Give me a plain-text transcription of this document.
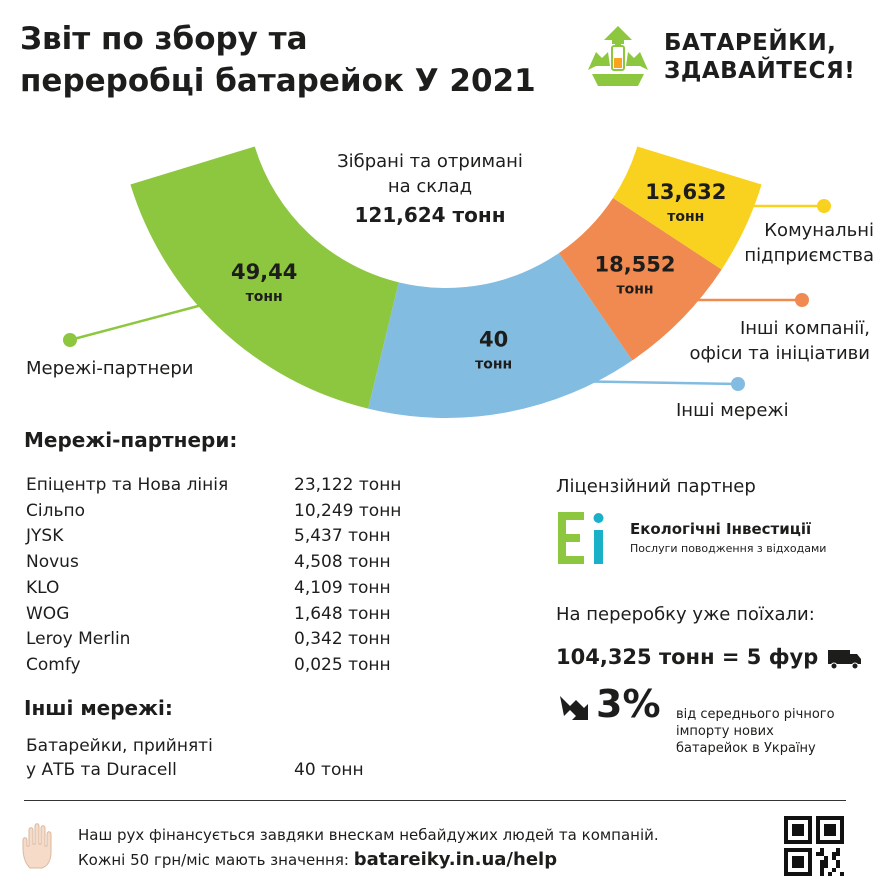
Звіт по збору та
переробці батарейок У 2021
БАТАРЕЙКИ,
ЗДАВАЙТЕСЯ!
49,44
тонн
40
тонн
18,552
тонн
13,632
тонн
Зібрані та отримані
на склад
121,624 тонн
Мережі-партнери
Інші мережі
Інші компанії,
офіси та ініціативи
Комунальні
підприємства
Мережі-партнери:
Епіцентр та Нова лінія	23,122 тонн
Сільпо	10,249 тонн
JYSK	5,437 тонн
Novus	4,508 тонн
KLO	4,109 тонн
WOG	1,648 тонн
Leroy Merlin	0,342 тонн
Comfy	0,025 тонн
Інші мережі:
Батарейки, прийняті
у АТБ та Duracell	40 тонн
Ліцензійний партнер
Екологічні Інвестиції
Послуги поводження з відходами
На переробку уже поїхали:
104,325 тонн = 5 фур
3% від середнього річного
імпорту нових
батарейок в Україну
Наш рух фінансується завдяки внескам небайдужих людей та компаній.
Кожні 50 грн/міс мають значення: batareiky.in.ua/help
